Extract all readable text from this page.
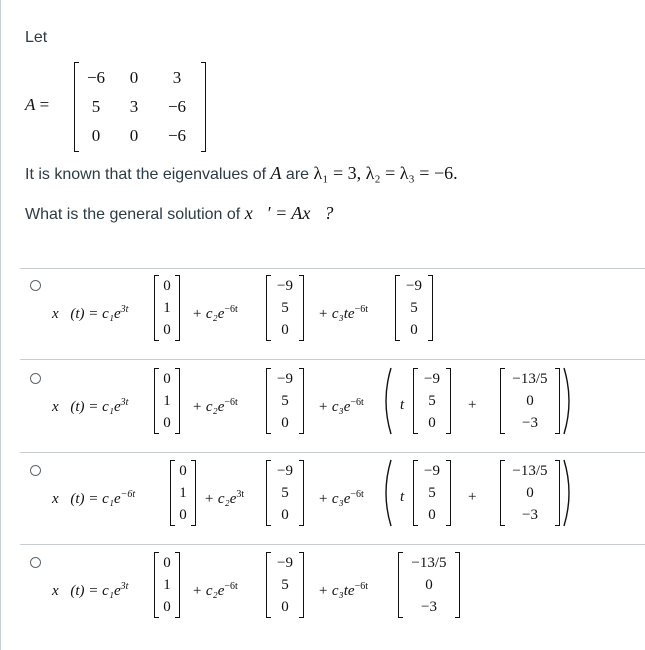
Let
A =
−6	0	3
5	3	−6
0	0	−6
It is known that the eigenvalues of A are λ₁ = 3, λ₂ = λ₃ = −6.
What is the general solution of x⃗′ = Ax⃗?
x⃗(t) = $c_1e^{3t}$
0
1
0
+ $c_2e^{-6t}$
−9
5
0
+ $c_3te^{-6t}$
−9
5
0
x⃗(t) = $c_1e^{3t}$
0
1
0
+ $c_2e^{-6t}$
−9
5
0
+ $c_3e^{-6t}$ t
−9
5
0
+
−13/5
0
−3
x⃗(t) = $c_1e^{-6t}$
0
1
0
+ $c_2e^{3t}$
−9
5
0
+ $c_3e^{-6t}$ t
−9
5
0
+
−13/5
0
−3
x⃗(t) = $c_1e^{3t}$
0
1
0
+ $c_2e^{-6t}$
−9
5
0
+ $c_3te^{-6t}$
−13/5
0
−3
